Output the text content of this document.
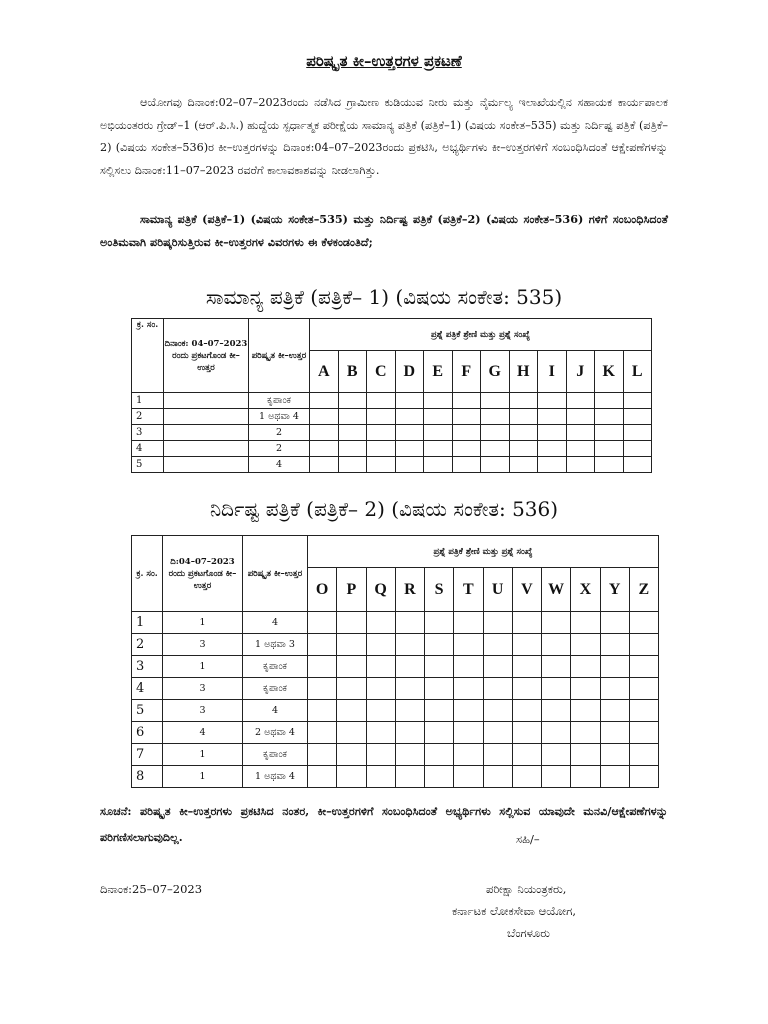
ಪರಿಷ್ಕೃತ ಕೀ–ಉತ್ತರಗಳ ಪ್ರಕಟಣೆ
ಆಯೋಗವು ದಿನಾಂಕ:02–07–2023ರಂದು ನಡೆಸಿದ ಗ್ರಾಮೀಣ ಕುಡಿಯುವ ನೀರು ಮತ್ತು ನೈರ್ಮಲ್ಯ ಇಲಾಖೆಯಲ್ಲಿನ ಸಹಾಯಕ ಕಾರ್ಯಪಾಲಕ ಅಭಿಯಂತರರು ಗ್ರೇಡ್–1 (ಆರ್.ಪಿ.ಸಿ.) ಹುದ್ದೆಯ ಸ್ಪರ್ಧಾತ್ಮಕ ಪರೀಕ್ಷೆಯ ಸಾಮಾನ್ಯ ಪತ್ರಿಕೆ (ಪತ್ರಿಕೆ–1) (ವಿಷಯ ಸಂಕೇತ–535) ಮತ್ತು ನಿರ್ದಿಷ್ಟ ಪತ್ರಿಕೆ (ಪತ್ರಿಕೆ–2) (ವಿಷಯ ಸಂಕೇತ–536)ರ ಕೀ–ಉತ್ತರಗಳನ್ನು ದಿನಾಂಕ:04–07–2023ರಂದು ಪ್ರಕಟಿಸಿ, ಅಭ್ಯರ್ಥಿಗಳು ಕೀ–ಉತ್ತರಗಳಿಗೆ ಸಂಬಂಧಿಸಿದಂತೆ ಆಕ್ಷೇಪಣೆಗಳನ್ನು ಸಲ್ಲಿಸಲು ದಿನಾಂಕ:11–07–2023 ರವರೆಗೆ ಕಾಲಾವಕಾಶವನ್ನು ನೀಡಲಾಗಿತ್ತು.
ಸಾಮಾನ್ಯ ಪತ್ರಿಕೆ (ಪತ್ರಿಕೆ–1) (ವಿಷಯ ಸಂಕೇತ–535) ಮತ್ತು ನಿರ್ದಿಷ್ಟ ಪತ್ರಿಕೆ (ಪತ್ರಿಕೆ–2) (ವಿಷಯ ಸಂಕೇತ–536) ಗಳಿಗೆ ಸಂಬಂಧಿಸಿದಂತೆ ಅಂತಿಮವಾಗಿ ಪರಿಷ್ಕರಿಸುತ್ತಿರುವ ಕೀ–ಉತ್ತರಗಳ ವಿವರಗಳು ಈ ಕೆಳಕಂಡಂತಿದೆ;
ಸಾಮಾನ್ಯ ಪತ್ರಿಕೆ (ಪತ್ರಿಕೆ– 1) (ವಿಷಯ ಸಂಕೇತ: 535)
ಕ್ರ. ಸಂ.	ದಿನಾಂಕ: 04–07–2023 ರಂದು ಪ್ರಕಟಗೊಂಡ ಕೀ–ಉತ್ತರ	ಪರಿಷ್ಕೃತ ಕೀ–ಉತ್ತರ	ಪ್ರಶ್ನೆ ಪತ್ರಿಕೆ ಶ್ರೇಣಿ ಮತ್ತು ಪ್ರಶ್ನೆ ಸಂಖ್ಯೆ											
			A	B	C	D	E	F	G	H	I	J	K	L
1		ಕೃಪಾಂಕ												
2		1 ಅಥವಾ 4												
3		2												
4		2												
5		4												
ನಿರ್ದಿಷ್ಟ ಪತ್ರಿಕೆ (ಪತ್ರಿಕೆ– 2) (ವಿಷಯ ಸಂಕೇತ: 536)
ಕ್ರ. ಸಂ.	ದಿ:04–07–2023 ರಂದು ಪ್ರಕಟಗೊಂಡ ಕೀ–ಉತ್ತರ	ಪರಿಷ್ಕೃತ ಕೀ–ಉತ್ತರ	ಪ್ರಶ್ನೆ ಪತ್ರಿಕೆ ಶ್ರೇಣಿ ಮತ್ತು ಪ್ರಶ್ನೆ ಸಂಖ್ಯೆ											
			O	P	Q	R	S	T	U	V	W	X	Y	Z
1	1	4												
2	3	1 ಅಥವಾ 3												
3	1	ಕೃಪಾಂಕ												
4	3	ಕೃಪಾಂಕ												
5	3	4												
6	4	2 ಅಥವಾ 4												
7	1	ಕೃಪಾಂಕ												
8	1	1 ಅಥವಾ 4												
ಸೂಚನೆ: ಪರಿಷ್ಕೃತ ಕೀ–ಉತ್ತರಗಳು ಪ್ರಕಟಿಸಿದ ನಂತರ, ಕೀ–ಉತ್ತರಗಳಿಗೆ ಸಂಬಂಧಿಸಿದಂತೆ ಅಭ್ಯರ್ಥಿಗಳು ಸಲ್ಲಿಸುವ ಯಾವುದೇ ಮನವಿ/ಆಕ್ಷೇಪಣೆಗಳನ್ನು ಪರಿಗಣಿಸಲಾಗುವುದಿಲ್ಲ.	ಸಹಿ/–
ಪರೀಕ್ಷಾ ನಿಯಂತ್ರಕರು,
ಕರ್ನಾಟಕ ಲೋಕಸೇವಾ ಆಯೋಗ,
ಬೆಂಗಳೂರು
ದಿನಾಂಕ:25–07–2023
